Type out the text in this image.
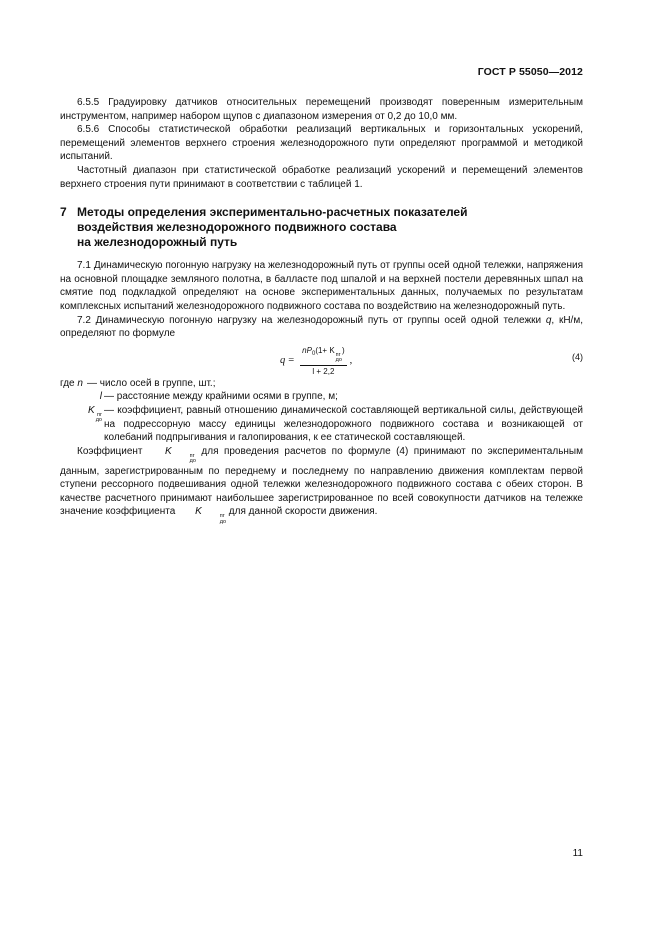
ГОСТ Р 55050—2012

6.5.5 Градуировку датчиков относительных перемещений производят поверенным измерительным инструментом, например набором щупов с диапазоном измерения от 0,2 до 10,0 мм.

6.5.6 Способы статистической обработки реализаций вертикальных и горизонтальных ускорений, перемещений элементов верхнего строения железнодорожного пути определяют программой и методикой испытаний.

Частотный диапазон при статистической обработке реализаций ускорений и перемещений элементов верхнего строения пути принимают в соответствии с таблицей 1.

7 Методы определения экспериментально-расчетных показателей
воздействия железнодорожного подвижного состава
на железнодорожный путь

7.1 Динамическую погонную нагрузку на железнодорожный путь от группы осей одной тележки, напряжения на основной площадке земляного полотна, в балласте под шпалой и на верхней постели деревянных шпал на смятие под подкладкой определяют на основе экспериментальных данных, получаемых по результатам комплексных испытаний железнодорожного подвижного состава по воздействию на железнодорожный путь.

7.2 Динамическую погонную нагрузку на железнодорожный путь от группы осей одной тележки q, кН/м, определяют по формуле

$q = nP_0(1+ K$ пг
до
)
l + 2,2 ,	(4)
где n — число осей в группе, шт.;
l — расстояние между крайними осями в группе, м;
K пг
до
— коэффициент, равный отношению динамической составляющей вертикальной силы, действующей на подрессорную массу единицы железнодорожного подвижного состава и возникающей от колебаний подпрыгивания и галопирования, к ее статической составляющей.

Коэффициент K	пг
до
для проведения расчетов по формуле (4) принимают по экспериментальным данным, зарегистрированным по переднему и последнему по направлению движения комплектам первой ступени рессорного подвешивания одной тележки железнодорожного подвижного состава с обеих сторон. В качестве расчетного принимают наибольшее зарегистрированное по всей совокупности датчиков на тележке значение коэффициента K	пг
до
для данной скорости движения.

11
